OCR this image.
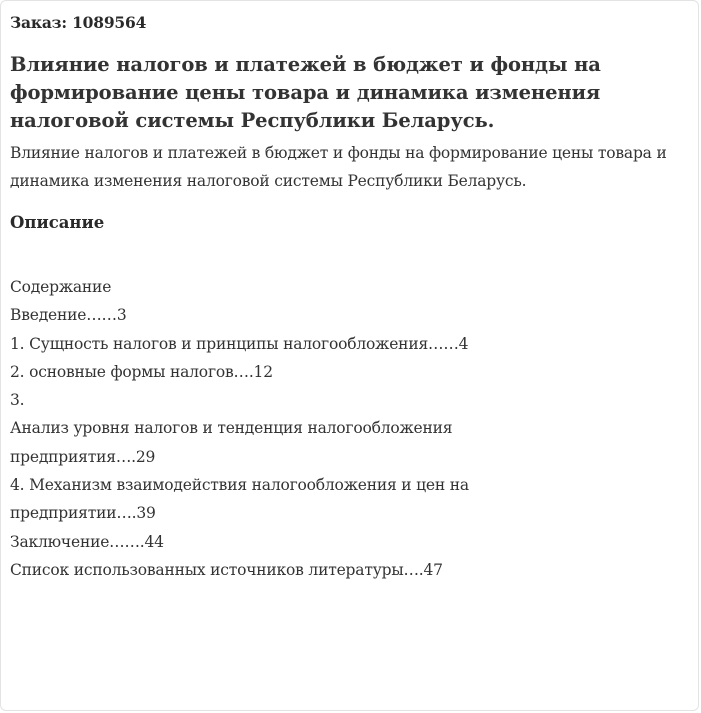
Заказ: 1089564

Влияние налогов и платежей в бюджет и фонды на формирование цены товара и динамика изменения налоговой системы Республики Беларусь.

Влияние налогов и платежей в бюджет и фонды на формирование цены товара и динамика изменения налоговой системы Республики Беларусь.

Описание
Содержание
Введение……3
1. Сущность налогов и принципы налогообложения……4
2. основные формы налогов….12
3.
Анализ уровня налогов и тенденция налогообложения
предприятия….29
4. Механизм взаимодействия налогообложения и цен на
предприятии….39
Заключение…….44
Список использованных источников литературы….47
